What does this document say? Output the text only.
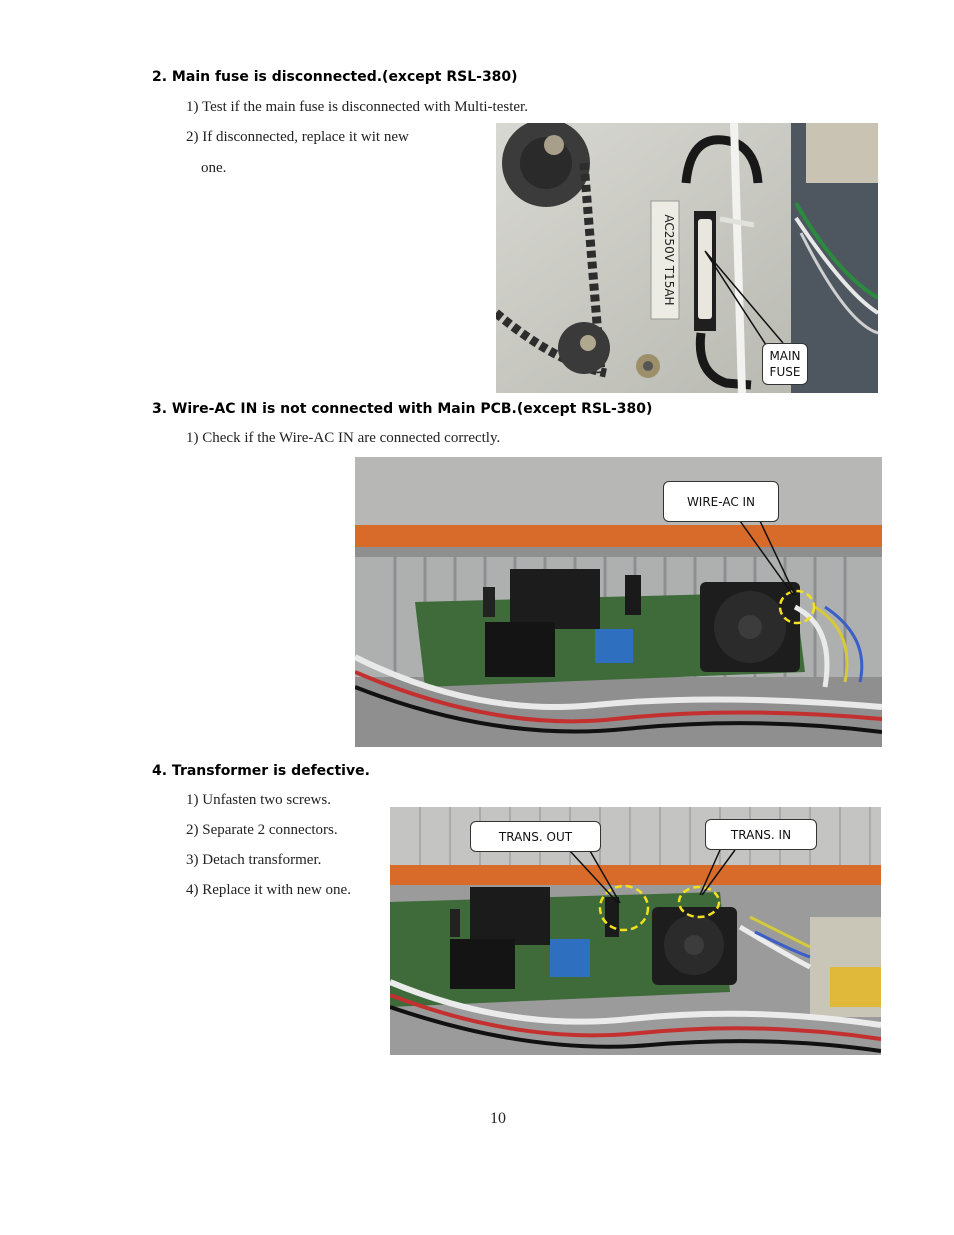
2. Main fuse is disconnected.(except RSL-380)
1) Test if the main fuse is disconnected with Multi-tester.
2) If disconnected, replace it wit new
one.
AC250V T15AH
MAIN
FUSE
3. Wire-AC IN is not connected with Main PCB.(except RSL-380)
1) Check if the Wire-AC IN are connected correctly.
WIRE-AC IN
4. Transformer is defective.
1) Unfasten two screws.
2) Separate 2 connectors.
3) Detach transformer.
4) Replace it with new one.
TRANS. OUT	TRANS. IN
10
